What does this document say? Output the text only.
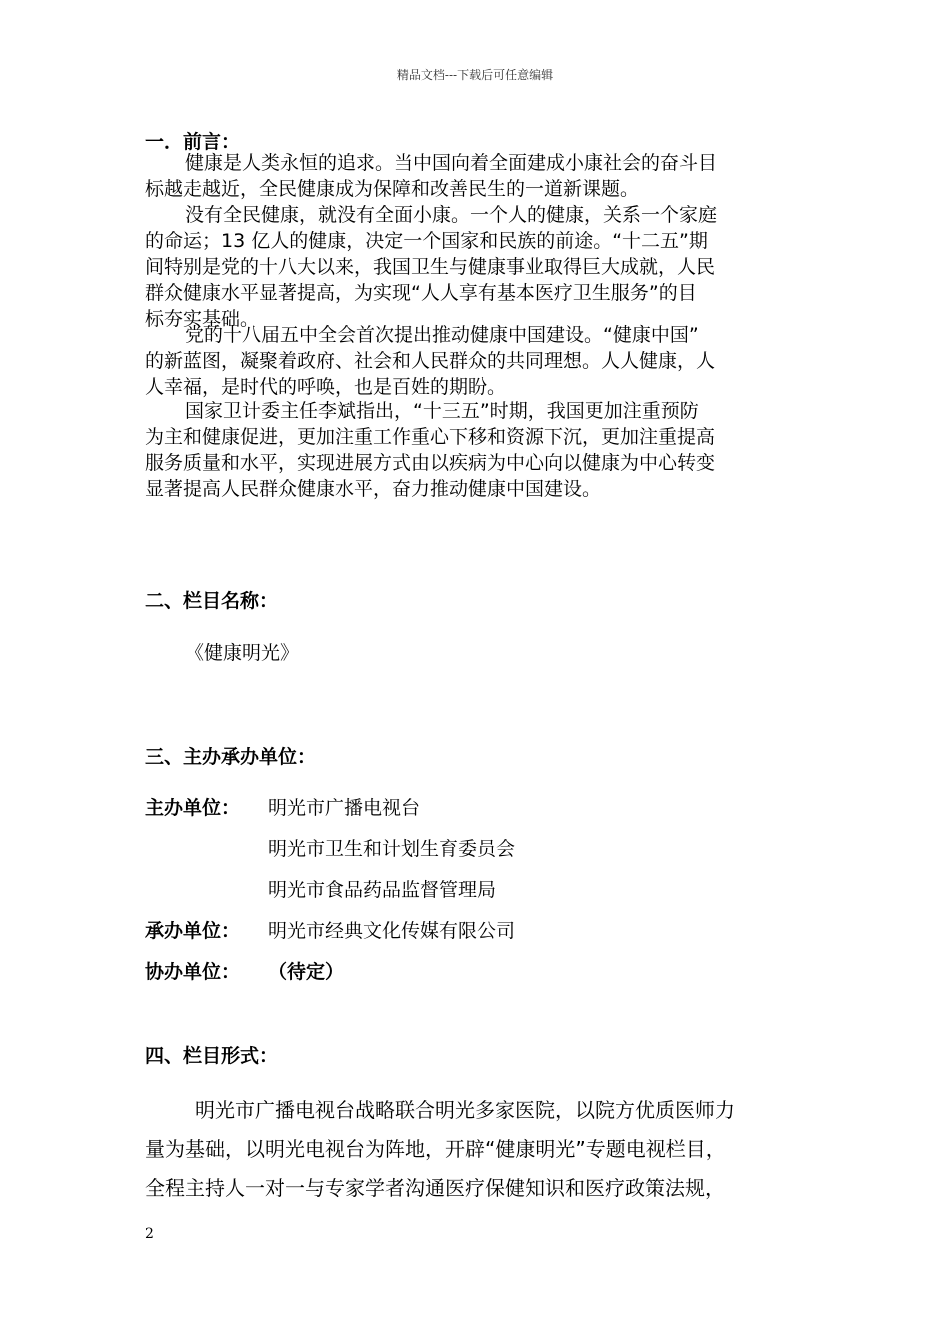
精品文档---下载后可任意编辑
一．前言：
健康是人类永恒的追求。当中国向着全面建成小康社会的奋斗目
标越走越近，全民健康成为保障和改善民生的一道新课题。
没有全民健康，就没有全面小康。一个人的健康，关系一个家庭
的命运；13 亿人的健康，决定一个国家和民族的前途。“十二五”期
间特别是党的十八大以来，我国卫生与健康事业取得巨大成就，人民
群众健康水平显著提高，为实现“人人享有基本医疗卫生服务”的目
标夯实基础。
党的十八届五中全会首次提出推动健康中国建设。“健康中国”
的新蓝图，凝聚着政府、社会和人民群众的共同理想。人人健康，人
人幸福，是时代的呼唤，也是百姓的期盼。
国家卫计委主任李斌指出，“十三五”时期，我国更加注重预防
为主和健康促进，更加注重工作重心下移和资源下沉，更加注重提高
服务质量和水平，实现进展方式由以疾病为中心向以健康为中心转变
显著提高人民群众健康水平，奋力推动健康中国建设。
二、栏目名称：
《健康明光》
三、主办承办单位：
主办单位： 明光市广播电视台
明光市卫生和计划生育委员会
明光市食品药品监督管理局
承办单位： 明光市经典文化传媒有限公司
协办单位： （待定）
四、栏目形式：
明光市广播电视台战略联合明光多家医院，以院方优质医师力
量为基础，以明光电视台为阵地，开辟“健康明光”专题电视栏目，
全程主持人一对一与专家学者沟通医疗保健知识和医疗政策法规，
2
